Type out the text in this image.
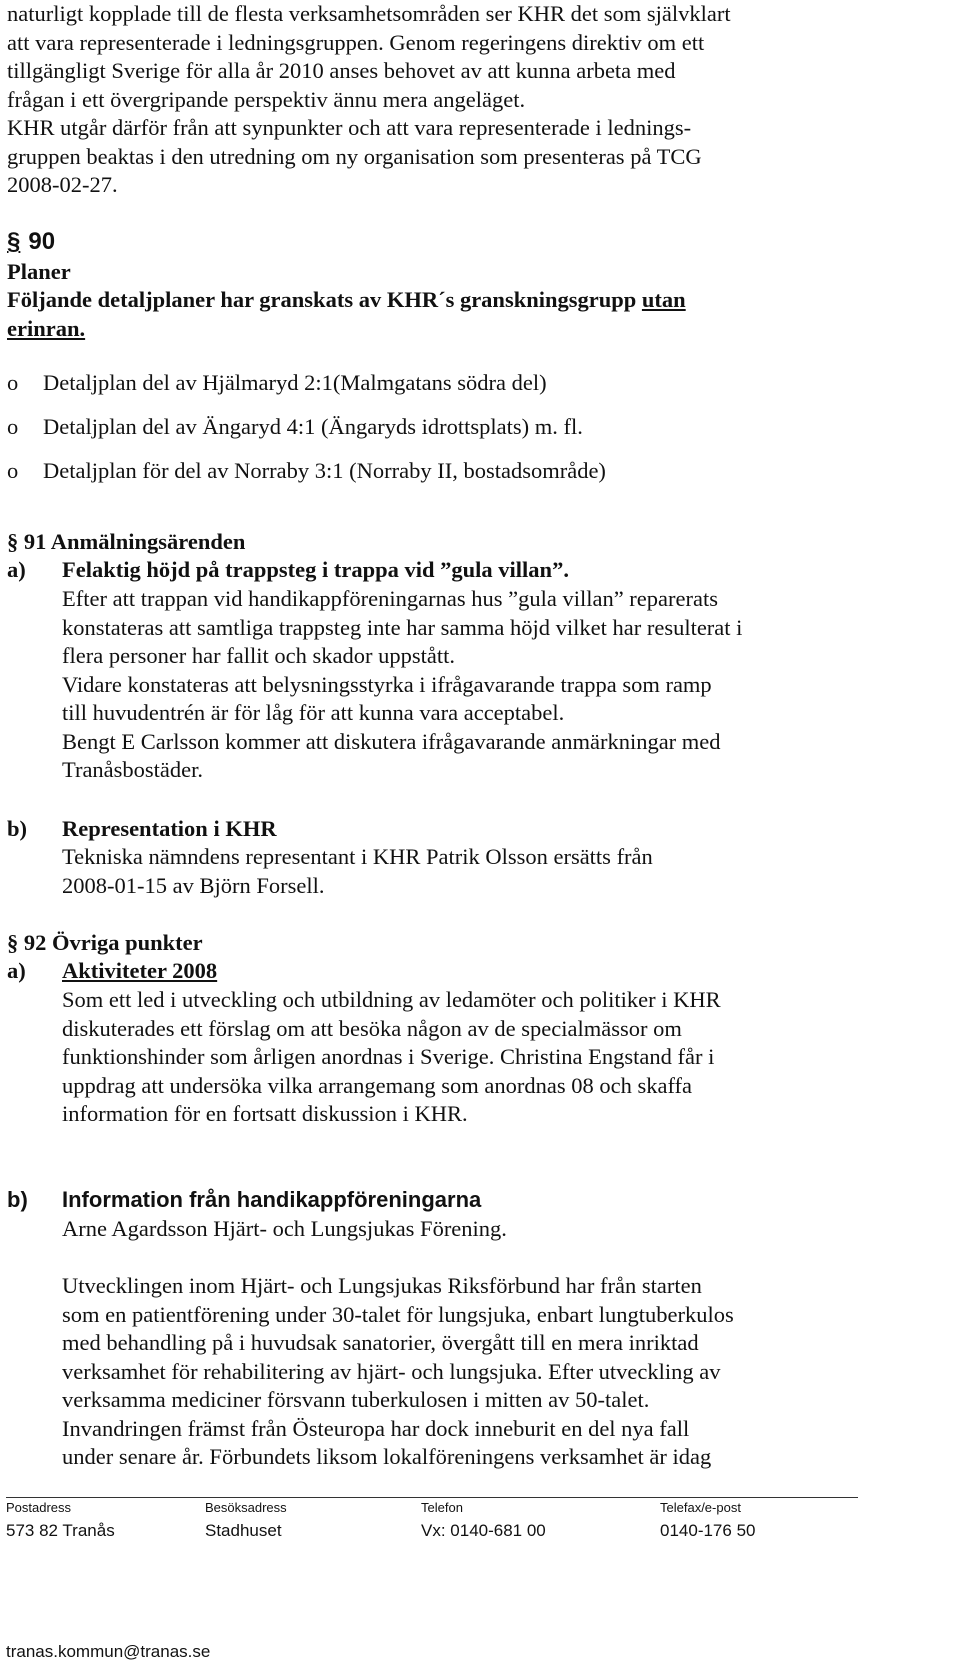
naturligt kopplade till de flesta verksamhetsområden ser KHR det som självklart
att vara representerade i ledningsgruppen. Genom regeringens direktiv om ett
tillgängligt Sverige för alla år 2010 anses behovet av att kunna arbeta med
frågan i ett övergripande perspektiv ännu mera angeläget.
KHR utgår därför från att synpunkter och att vara representerade i lednings-
gruppen beaktas i den utredning om ny organisation som presenteras på TCG
2008-02-27.
§ 90
Planer
Följande detaljplaner har granskats av KHR´s granskningsgrupp utan
erinran.
o Detaljplan del av Hjälmaryd 2:1(Malmgatans södra del)
o Detaljplan del av Ängaryd 4:1 (Ängaryds idrottsplats) m. fl.
o Detaljplan för del av Norraby 3:1 (Norraby II, bostadsområde)
§ 91 Anmälningsärenden
a) Felaktig höjd på trappsteg i trappa vid ”gula villan”.
Efter att trappan vid handikappföreningarnas hus ”gula villan” reparerats
konstateras att samtliga trappsteg inte har samma höjd vilket har resulterat i
flera personer har fallit och skador uppstått.
Vidare konstateras att belysningsstyrka i ifrågavarande trappa som ramp
till huvudentrén är för låg för att kunna vara acceptabel.
Bengt E Carlsson kommer att diskutera ifrågavarande anmärkningar med
Tranåsbostäder.
b) Representation i KHR
Tekniska nämndens representant i KHR Patrik Olsson ersätts från
2008-01-15 av Björn Forsell.
§ 92 Övriga punkter
a) Aktiviteter 2008
Som ett led i utveckling och utbildning av ledamöter och politiker i KHR
diskuterades ett förslag om att besöka någon av de specialmässor om
funktionshinder som årligen anordnas i Sverige. Christina Engstand får i
uppdrag att undersöka vilka arrangemang som anordnas 08 och skaffa
information för en fortsatt diskussion i KHR.
b) Information från handikappföreningarna
Arne Agardsson Hjärt- och Lungsjukas Förening.
Utvecklingen inom Hjärt- och Lungsjukas Riksförbund har från starten
som en patientförening under 30-talet för lungsjuka, enbart lungtuberkulos
med behandling på i huvudsak sanatorier, övergått till en mera inriktad
verksamhet för rehabilitering av hjärt- och lungsjuka. Efter utveckling av
verksamma mediciner försvann tuberkulosen i mitten av 50-talet.
Invandringen främst från Östeuropa har dock inneburit en del nya fall
under senare år. Förbundets liksom lokalföreningens verksamhet är idag
Postadress
573 82 Tranås
Besöksadress
Stadhuset
Telefon
Vx: 0140-681 00
Telefax/e-post
0140-176 50
tranas.kommun@tranas.se
